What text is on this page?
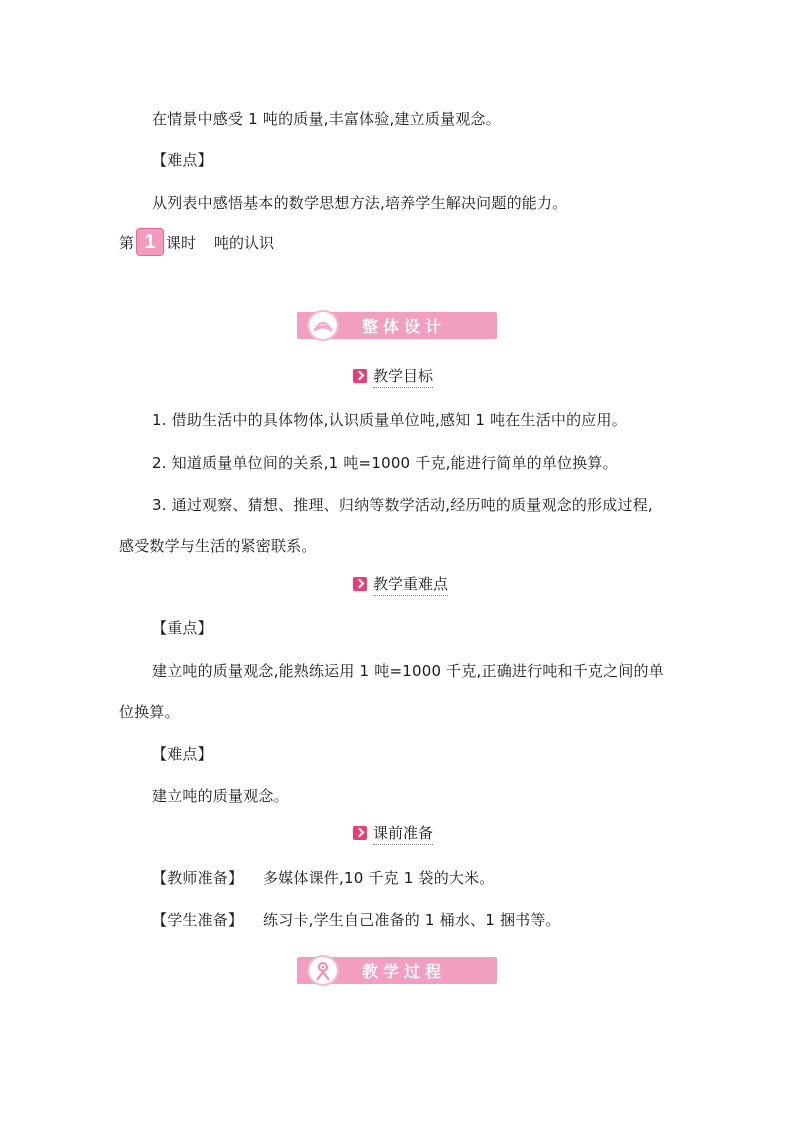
在情景中感受 1 吨的质量,丰富体验,建立质量观念。
【难点】
从列表中感悟基本的数学思想方法,培养学生解决问题的能力。
第 1 课时 吨的认识
整体设计
教学目标
1. 借助生活中的具体物体,认识质量单位吨,感知 1 吨在生活中的应用。
2. 知道质量单位间的关系,1 吨=1000 千克,能进行简单的单位换算。
3. 通过观察、猜想、推理、归纳等数学活动,经历吨的质量观念的形成过程,
感受数学与生活的紧密联系。
教学重难点
【重点】
建立吨的质量观念,能熟练运用 1 吨=1000 千克,正确进行吨和千克之间的单
位换算。
【难点】
建立吨的质量观念。
课前准备
【教师准备】 多媒体课件,10 千克 1 袋的大米。
【学生准备】 练习卡,学生自己准备的 1 桶水、1 捆书等。
教学过程
